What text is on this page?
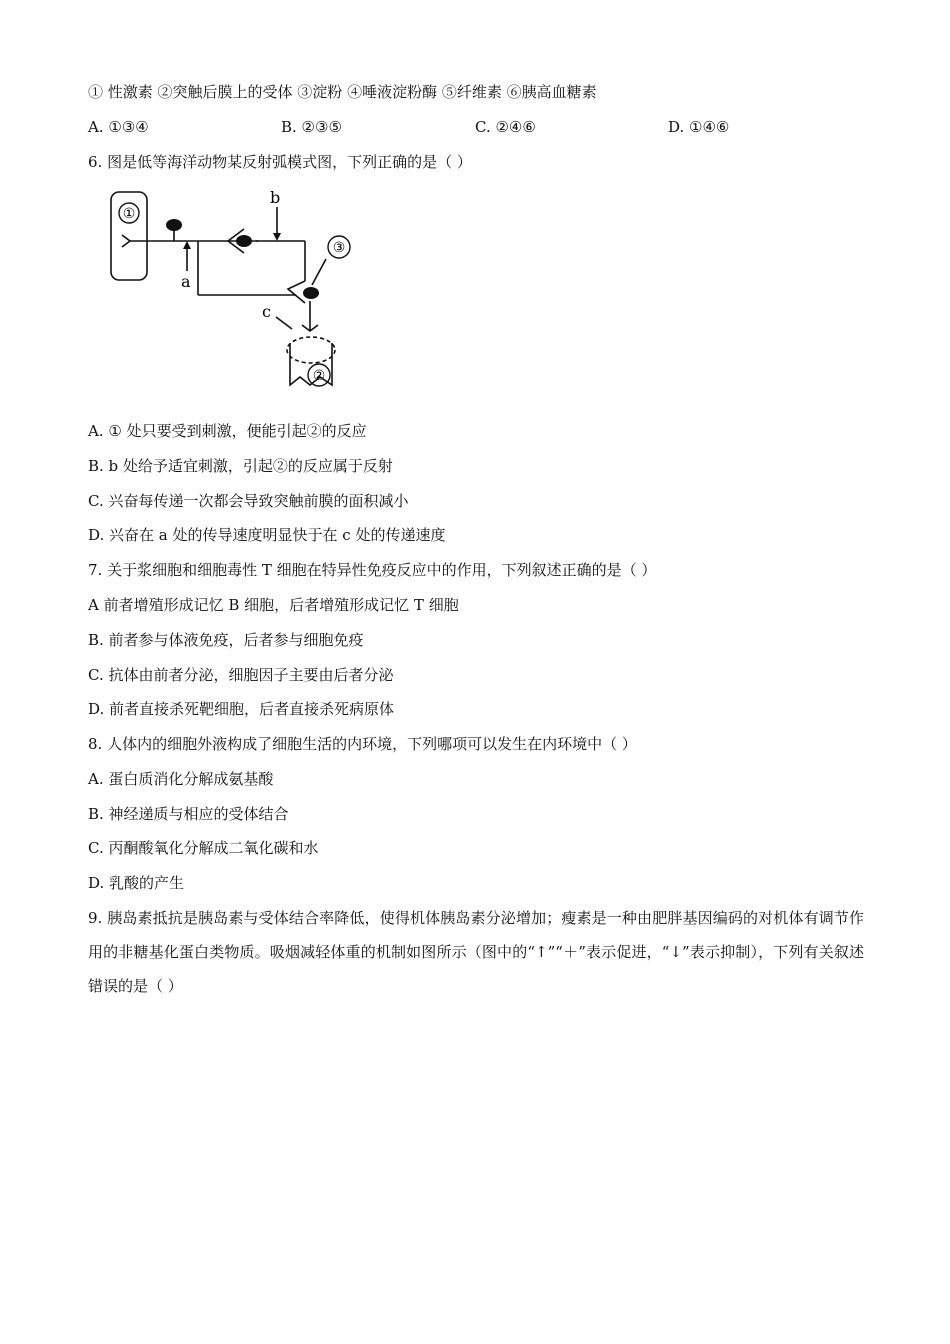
① 性激素 ②突触后膜上的受体 ③淀粉 ④唾液淀粉酶 ⑤纤维素 ⑥胰高血糖素
A. ①③④	B. ②③⑤	C. ②④⑥	D. ①④⑥
6. 图是低等海洋动物某反射弧模式图，下列正确的是（ ）
①
③
②
a
b
c
A. ① 处只要受到刺激，便能引起②的反应
B. b 处给予适宜刺激，引起②的反应属于反射
C. 兴奋每传递一次都会导致突触前膜的面积减小
D. 兴奋在 a 处的传导速度明显快于在 c 处的传递速度
7. 关于浆细胞和细胞毒性 T 细胞在特异性免疫反应中的作用，下列叙述正确的是（ ）
A 前者增殖形成记忆 B 细胞，后者增殖形成记忆 T 细胞
B. 前者参与体液免疫，后者参与细胞免疫
C. 抗体由前者分泌，细胞因子主要由后者分泌
D. 前者直接杀死靶细胞，后者直接杀死病原体
8. 人体内的细胞外液构成了细胞生活的内环境，下列哪项可以发生在内环境中（ ）
A. 蛋白质消化分解成氨基酸
B. 神经递质与相应的受体结合
C. 丙酮酸氧化分解成二氧化碳和水
D. 乳酸的产生
9. 胰岛素抵抗是胰岛素与受体结合率降低，使得机体胰岛素分泌增加；瘦素是一种由肥胖基因编码的对机体有调节作用的非糖基化蛋白类物质。吸烟减轻体重的机制如图所示（图中的“↑”“＋”表示促进，“↓”表示抑制），下列有关叙述错误的是（ ）
